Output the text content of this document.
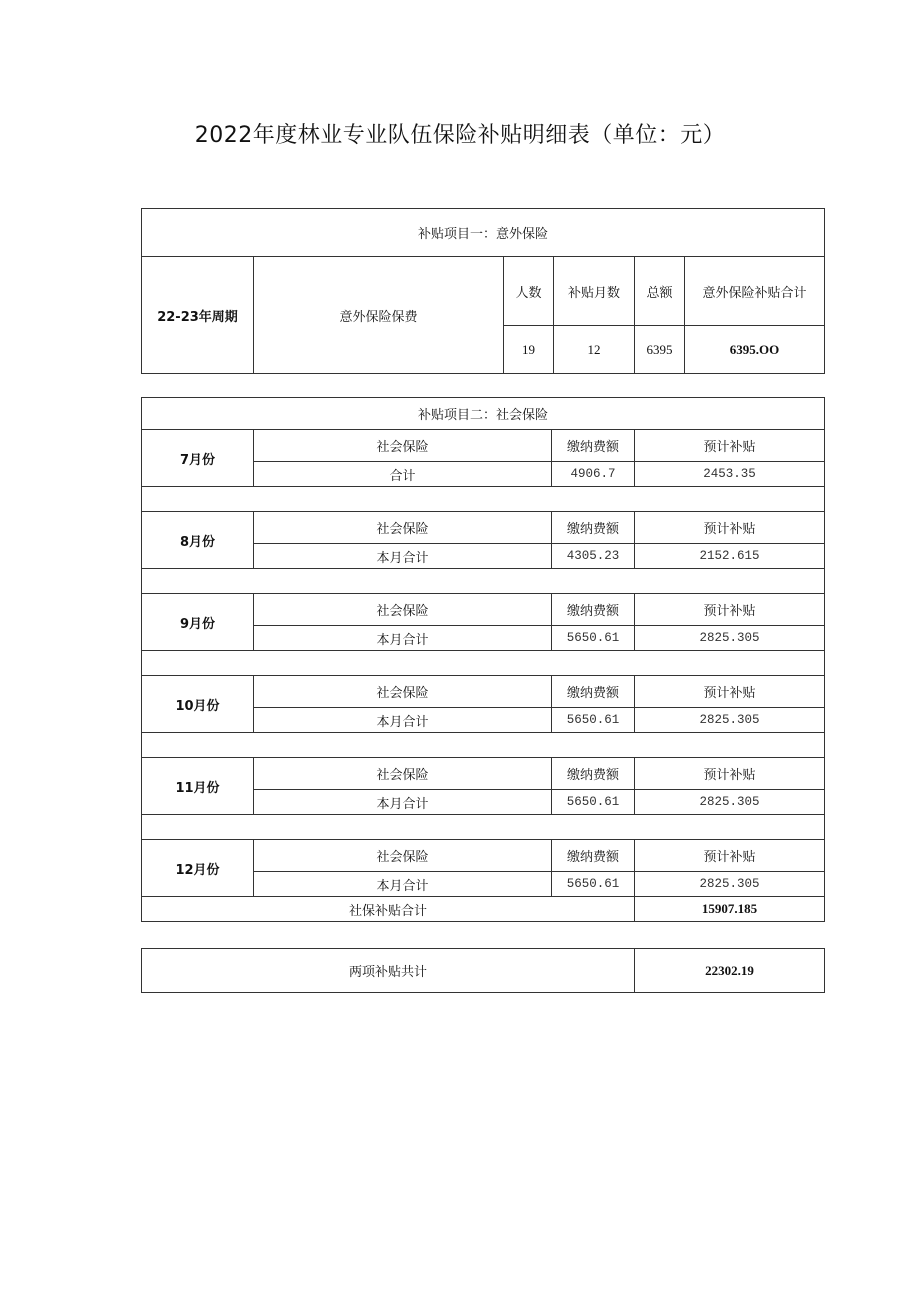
2022年度林业专业队伍保险补贴明细表（单位：元）
补贴项目一：意外保险					
22-23年周期	意外保险保费	人数	补贴月数	总额	意外保险补贴合计
		19	12	6395	6395.OO
补贴项目二：社会保险			
7月份	社会保险	缴纳费额	预计补贴
	合计	4906.7	2453.35

8月份	社会保险	缴纳费额	预计补贴
	本月合计	4305.23	2152.615

9月份	社会保险	缴纳费额	预计补贴
	本月合计	5650.61	2825.305

10月份	社会保险	缴纳费额	预计补贴
	本月合计	5650.61	2825.305

11月份	社会保险	缴纳费额	预计补贴
	本月合计	5650.61	2825.305

12月份	社会保险	缴纳费额	预计补贴
	本月合计	5650.61	2825.305
社保补贴合计			15907.185
两项补贴共计	22302.19
